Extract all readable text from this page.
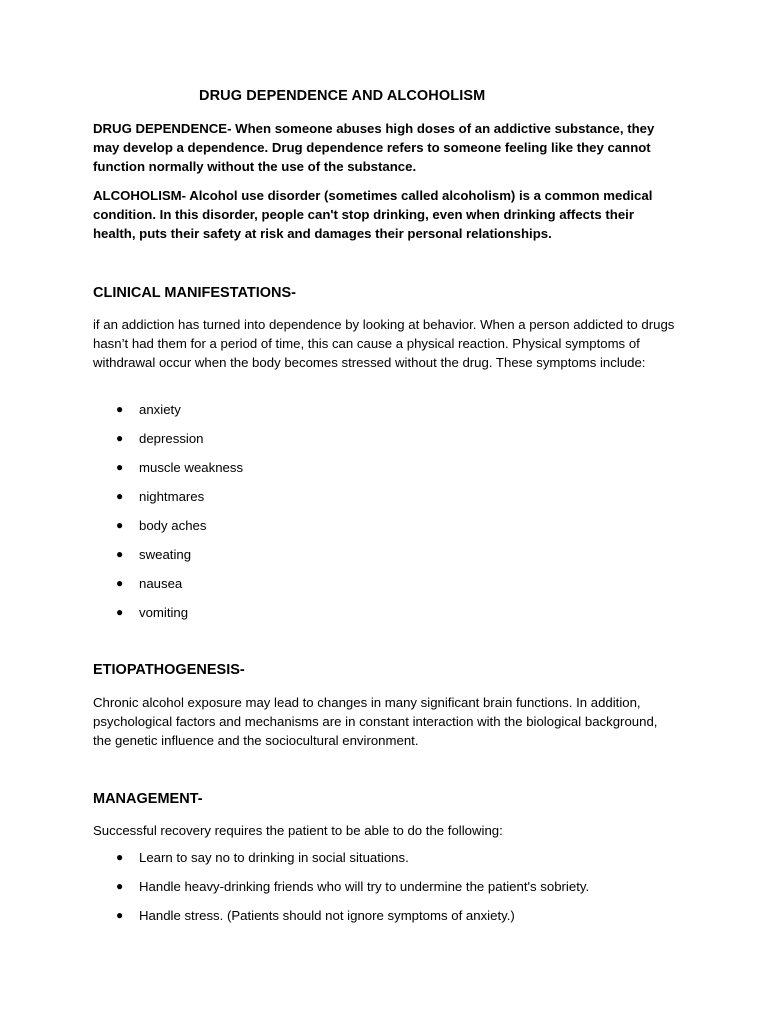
DRUG DEPENDENCE AND ALCOHOLISM
DRUG DEPENDENCE- When someone abuses high doses of an addictive substance, they may develop a dependence. Drug dependence refers to someone feeling like they cannot function normally without the use of the substance.
ALCOHOLISM- Alcohol use disorder (sometimes called alcoholism) is a common medical condition. In this disorder, people can't stop drinking, even when drinking affects their health, puts their safety at risk and damages their personal relationships.
CLINICAL MANIFESTATIONS-
if an addiction has turned into dependence by looking at behavior. When a person addicted to drugs hasn’t had them for a period of time, this can cause a physical reaction. Physical symptoms of withdrawal occur when the body becomes stressed without the drug. These symptoms include:
● anxiety
● depression
● muscle weakness
● nightmares
● body aches
● sweating
● nausea
● vomiting
ETIOPATHOGENESIS-
Chronic alcohol exposure may lead to changes in many significant brain functions. In addition, psychological factors and mechanisms are in constant interaction with the biological background, the genetic influence and the sociocultural environment.
MANAGEMENT-
Successful recovery requires the patient to be able to do the following:
● Learn to say no to drinking in social situations.
● Handle heavy-drinking friends who will try to undermine the patient's sobriety.
● Handle stress. (Patients should not ignore symptoms of anxiety.)
